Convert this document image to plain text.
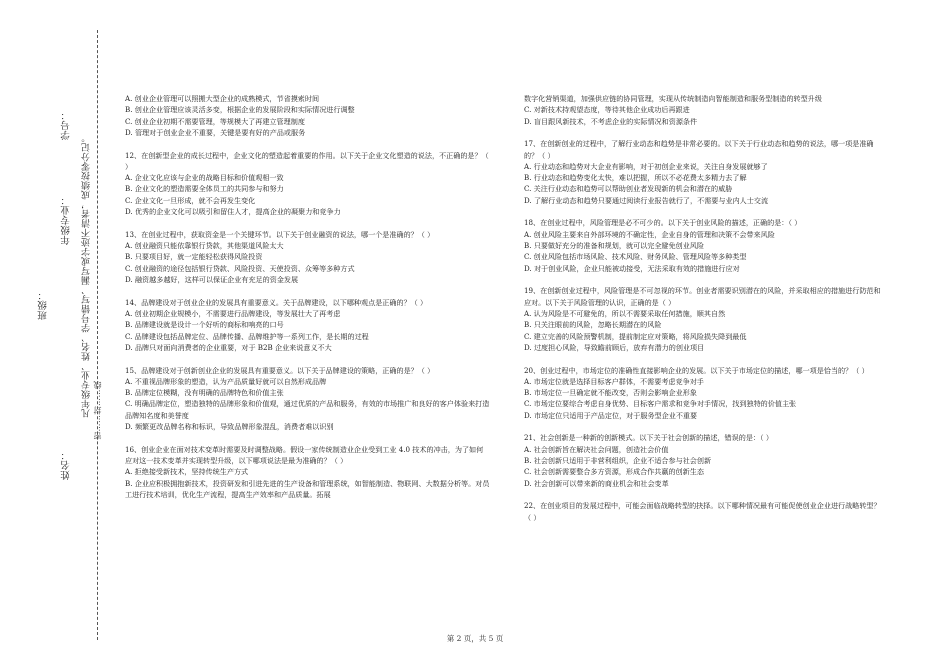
学号：
年级专业：
班级：	凡年级专业、姓名、学号错写、漏写或字迹不清者，成绩按零分记。 密……封……线
姓名：

A. 创业企业管理可以照搬大型企业的成熟模式，节省摸索时间

B. 创业企业管理应该灵活多变，根据企业的发展阶段和实际情况进行调整

C. 创业企业初期不需要管理，等规模大了再建立管理制度

D. 管理对于创业企业不重要，关键是要有好的产品或服务

12、在创新型企业的成长过程中，企业文化的塑造起着重要的作用。以下关于企业文化塑造的说法，不正确的是？（ ）

A. 企业文化应该与企业的战略目标和价值观相一致

B. 企业文化的塑造需要全体员工的共同参与和努力

C. 企业文化一旦形成，就不会再发生变化

D. 优秀的企业文化可以吸引和留住人才，提高企业的凝聚力和竞争力

13、在创业过程中，获取资金是一个关键环节。以下关于创业融资的说法，哪一个是准确的？（ ）

A. 创业融资只能依靠银行贷款，其他渠道风险太大

B. 只要项目好，就一定能轻松获得风险投资

C. 创业融资的途径包括银行贷款、风险投资、天使投资、众筹等多种方式

D. 融资越多越好，这样可以保证企业有充足的资金发展

14、品牌建设对于创业企业的发展具有重要意义。关于品牌建设，以下哪种观点是正确的？（ ）

A. 创业初期企业规模小，不需要进行品牌建设，等发展壮大了再考虑

B. 品牌建设就是设计一个好听的商标和响亮的口号

C. 品牌建设包括品牌定位、品牌传播、品牌维护等一系列工作，是长期的过程

D. 品牌只对面向消费者的企业重要，对于 B2B 企业来说意义不大

15、品牌建设对于创新创业企业的发展具有重要意义。以下关于品牌建设的策略，正确的是？（ ）

A. 不重视品牌形象的塑造，认为产品质量好就可以自然形成品牌

B. 品牌定位模糊，没有明确的品牌特色和价值主张

C. 明确品牌定位，塑造独特的品牌形象和价值观，通过优质的产品和服务，有效的市场推广和良好的客户体验来打造品牌知名度和美誉度

D. 频繁更改品牌名称和标识，导致品牌形象混乱，消费者难以识别

16、创业企业在面对技术变革时需要及时调整战略。假设一家传统制造业企业受到工业 4.0 技术的冲击，为了如何应对这一技术变革并实现转型升级，以下哪项说法是最为准确的？（ ）

A. 拒绝接受新技术，坚持传统生产方式

B. 企业应积极拥抱新技术，投资研发和引进先进的生产设备和管理系统，如智能制造、物联网、大数据分析等。对员工进行技术培训，优化生产流程，提高生产效率和产品质量。拓展

数字化营销渠道，加强供应链的协同管理，实现从传统制造向智能制造和服务型制造的转型升级

C. 对新技术持观望态度，等待其他企业成功后再跟进

D. 盲目跟风新技术，不考虑企业的实际情况和资源条件

17、在创新创业的过程中，了解行业动态和趋势是非常必要的。以下关于行业动态和趋势的说法，哪一项是准确的？（ ）

A. 行业动态和趋势对大企业有影响，对于初创企业来说，关注自身发展就够了

B. 行业动态和趋势变化太快，难以把握，所以不必花费太多精力去了解

C. 关注行业动态和趋势可以帮助创业者发现新的机会和潜在的威胁

D. 了解行业动态和趋势只要通过阅读行业报告就行了，不需要与业内人士交流

18、在创业过程中，风险管理是必不可少的。以下关于创业风险的描述，正确的是：（ ）

A. 创业风险主要来自外部环境的不确定性，企业自身的管理和决策不会带来风险

B. 只要做好充分的准备和规划，就可以完全避免创业风险

C. 创业风险包括市场风险、技术风险、财务风险、管理风险等多种类型

D. 对于创业风险，企业只能被动接受，无法采取有效的措施进行应对

19、在创新创业过程中，风险管理是不可忽视的环节。创业者需要识别潜在的风险，并采取相应的措施进行防范和应对。以下关于风险管理的认识，正确的是（ ）

A. 认为风险是不可避免的，所以不需要采取任何措施，顺其自然

B. 只关注眼前的风险，忽略长期潜在的风险

C. 建立完善的风险预警机制，提前制定应对策略，将风险损失降到最低

D. 过度担心风险，导致瞻前顾后，放弃有潜力的创业项目

20、创业过程中，市场定位的准确性直接影响企业的发展。以下关于市场定位的描述，哪一项是恰当的？（ ）

A. 市场定位就是选择目标客户群体，不需要考虑竞争对手

B. 市场定位一旦确定就不能改变，否则会影响企业形象

C. 市场定位要综合考虑自身优势、目标客户需求和竞争对手情况，找到独特的价值主张

D. 市场定位只适用于产品定位，对于服务型企业不重要

21、社会创新是一种新的创新模式。以下关于社会创新的描述，错误的是：（ ）

A. 社会创新旨在解决社会问题，创造社会价值

B. 社会创新只适用于非营利组织，企业不适合参与社会创新

C. 社会创新需要整合多方资源，形成合作共赢的创新生态

D. 社会创新可以带来新的商业机会和社会变革

22、在创业项目的发展过程中，可能会面临战略转型的抉择。以下哪种情况最有可能促使创业企业进行战略转型？（ ）

第 2 页，共 5 页
